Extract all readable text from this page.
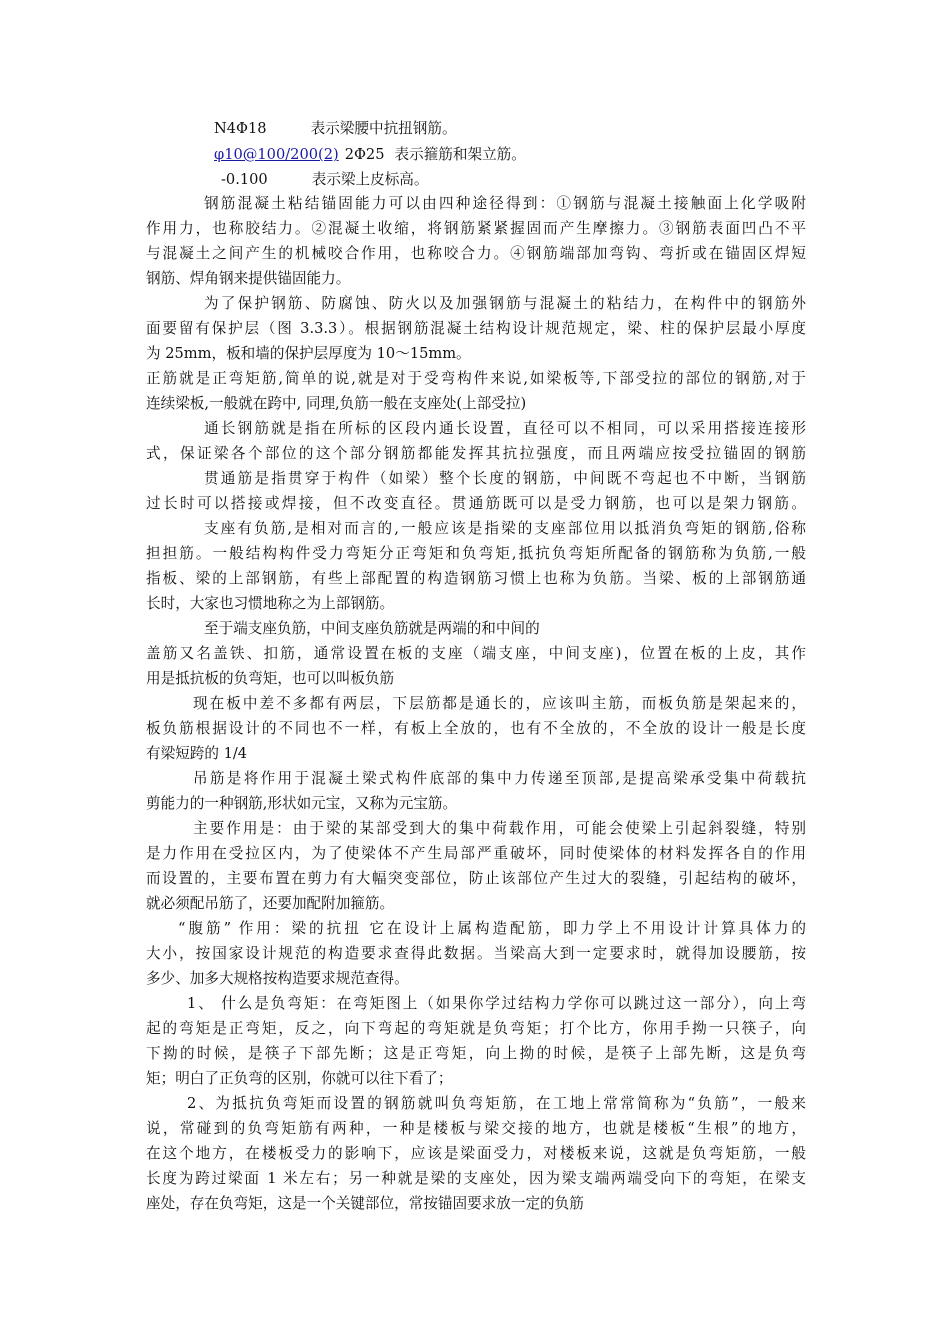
N4Φ18	表示梁腰中抗扭钢筋。
φ10@100/200(2) 2Φ25 表示箍筋和架立筋。
-0.100	表示梁上皮标高。
钢筋混凝土粘结锚固能力可以由四种途径得到：①钢筋与混凝土接触面上化学吸附
作用力，也称胶结力。②混凝土收缩，将钢筋紧紧握固而产生摩擦力。③钢筋表面凹凸不平
与混凝土之间产生的机械咬合作用，也称咬合力。④钢筋端部加弯钩、弯折或在锚固区焊短
钢筋、焊角钢来提供锚固能力。
为了保护钢筋、防腐蚀、防火以及加强钢筋与混凝土的粘结力，在构件中的钢筋外
面要留有保护层（图 3.3.3）。根据钢筋混凝土结构设计规范规定，梁、柱的保护层最小厚度
为 25mm，板和墙的保护层厚度为 10～15mm。
正筋就是正弯矩筋,简单的说,就是对于受弯构件来说,如梁板等,下部受拉的部位的钢筋,对于
连续梁板,一般就在跨中, 同理,负筋一般在支座处(上部受拉)
通长钢筋就是指在所标的区段内通长设置，直径可以不相同，可以采用搭接连接形
式，保证梁各个部位的这个部分钢筋都能发挥其抗拉强度，而且两端应按受拉锚固的钢筋
贯通筋是指贯穿于构件（如梁）整个长度的钢筋，中间既不弯起也不中断，当钢筋
过长时可以搭接或焊接，但不改变直径。贯通筋既可以是受力钢筋，也可以是架力钢筋。
支座有负筋,是相对而言的,一般应该是指梁的支座部位用以抵消负弯矩的钢筋,俗称
担担筋。一般结构构件受力弯矩分正弯矩和负弯矩,抵抗负弯矩所配备的钢筋称为负筋,一般
指板、梁的上部钢筋，有些上部配置的构造钢筋习惯上也称为负筋。当梁、板的上部钢筋通
长时，大家也习惯地称之为上部钢筋。
至于端支座负筋，中间支座负筋就是两端的和中间的
盖筋又名盖铁、扣筋，通常设置在板的支座（端支座，中间支座)，位置在板的上皮，其作
用是抵抗板的负弯矩，也可以叫板负筋
现在板中差不多都有两层，下层筋都是通长的，应该叫主筋，而板负筋是架起来的，
板负筋根据设计的不同也不一样，有板上全放的，也有不全放的，不全放的设计一般是长度
有梁短跨的 1/4
吊筋是将作用于混凝土梁式构件底部的集中力传递至顶部,是提高梁承受集中荷载抗
剪能力的一种钢筋,形状如元宝，又称为元宝筋。
主要作用是：由于梁的某部受到大的集中荷载作用，可能会使梁上引起斜裂缝，特别
是力作用在受拉区内，为了使梁体不产生局部严重破坏，同时使梁体的材料发挥各自的作用
而设置的，主要布置在剪力有大幅突变部位，防止该部位产生过大的裂缝，引起结构的破坏，
就必须配吊筋了，还要加配附加箍筋。
“腹筋” 作用：梁的抗扭 它在设计上属构造配筋，即力学上不用设计计算具体力的
大小，按国家设计规范的构造要求查得此数据。当梁高大到一定要求时，就得加设腰筋，按
多少、加多大规格按构造要求规范查得。
1、 什么是负弯矩：在弯矩图上（如果你学过结构力学你可以跳过这一部分），向上弯
起的弯矩是正弯矩，反之，向下弯起的弯矩就是负弯矩；打个比方，你用手拗一只筷子，向
下拗的时候，是筷子下部先断；这是正弯矩，向上拗的时候，是筷子上部先断，这是负弯
矩；明白了正负弯的区别，你就可以往下看了；
2、为抵抗负弯矩而设置的钢筋就叫负弯矩筋，在工地上常常简称为“负筋”，一般来
说，常碰到的负弯矩筋有两种，一种是楼板与梁交接的地方，也就是楼板“生根”的地方，
在这个地方，在楼板受力的影响下，应该是梁面受力，对楼板来说，这就是负弯矩筋，一般
长度为跨过梁面 1 米左右；另一种就是梁的支座处，因为梁支端两端受向下的弯矩，在梁支
座处，存在负弯矩，这是一个关键部位，常按锚固要求放一定的负筋
